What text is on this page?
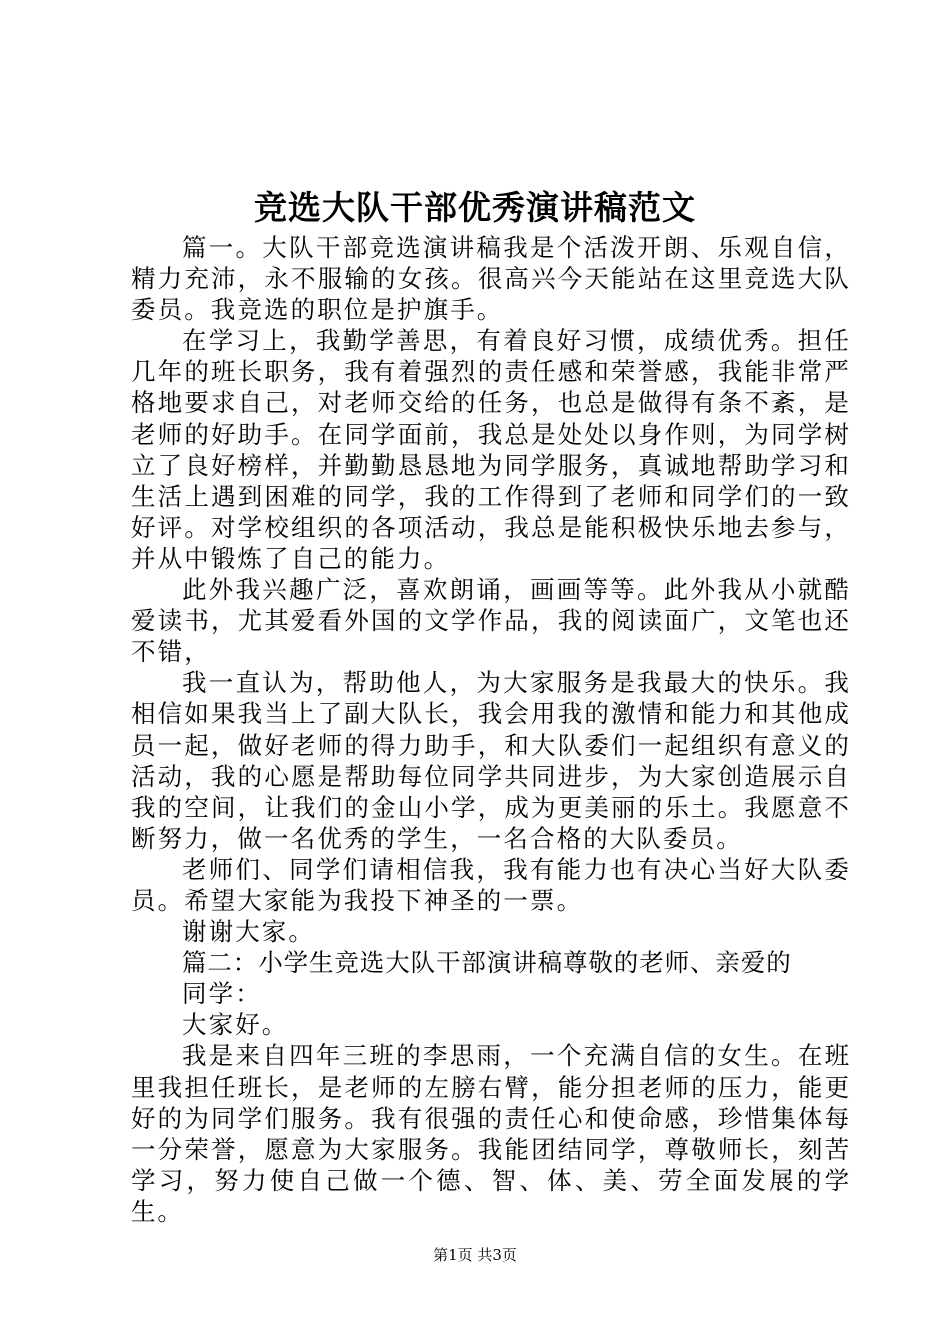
竞选大队干部优秀演讲稿范文

篇一。大队干部竞选演讲稿我是个活泼开朗、乐观自信，精力充沛，永不服输的女孩。很高兴今天能站在这里竞选大队委员。我竞选的职位是护旗手。

在学习上，我勤学善思，有着良好习惯，成绩优秀。担任几年的班长职务，我有着强烈的责任感和荣誉感，我能非常严格地要求自己，对老师交给的任务，也总是做得有条不紊，是老师的好助手。在同学面前，我总是处处以身作则，为同学树立了良好榜样，并勤勤恳恳地为同学服务，真诚地帮助学习和生活上遇到困难的同学，我的工作得到了老师和同学们的一致好评。对学校组织的各项活动，我总是能积极快乐地去参与，并从中锻炼了自己的能力。

此外我兴趣广泛，喜欢朗诵，画画等等。此外我从小就酷爱读书，尤其爱看外国的文学作品，我的阅读面广，文笔也还不错，

我一直认为，帮助他人，为大家服务是我最大的快乐。我相信如果我当上了副大队长，我会用我的激情和能力和其他成员一起，做好老师的得力助手，和大队委们一起组织有意义的活动，我的心愿是帮助每位同学共同进步，为大家创造展示自我的空间，让我们的金山小学，成为更美丽的乐土。我愿意不断努力，做一名优秀的学生，一名合格的大队委员。

老师们、同学们请相信我，我有能力也有决心当好大队委员。希望大家能为我投下神圣的一票。

谢谢大家。

篇二：小学生竞选大队干部演讲稿尊敬的老师、亲爱的

同学：

大家好。

我是来自四年三班的李思雨，一个充满自信的女生。在班里我担任班长，是老师的左膀右臂，能分担老师的压力，能更好的为同学们服务。我有很强的责任心和使命感，珍惜集体每一分荣誉，愿意为大家服务。我能团结同学，尊敬师长，刻苦学习，努力使自己做一个德、智、体、美、劳全面发展的学生。

第1页 共3页
